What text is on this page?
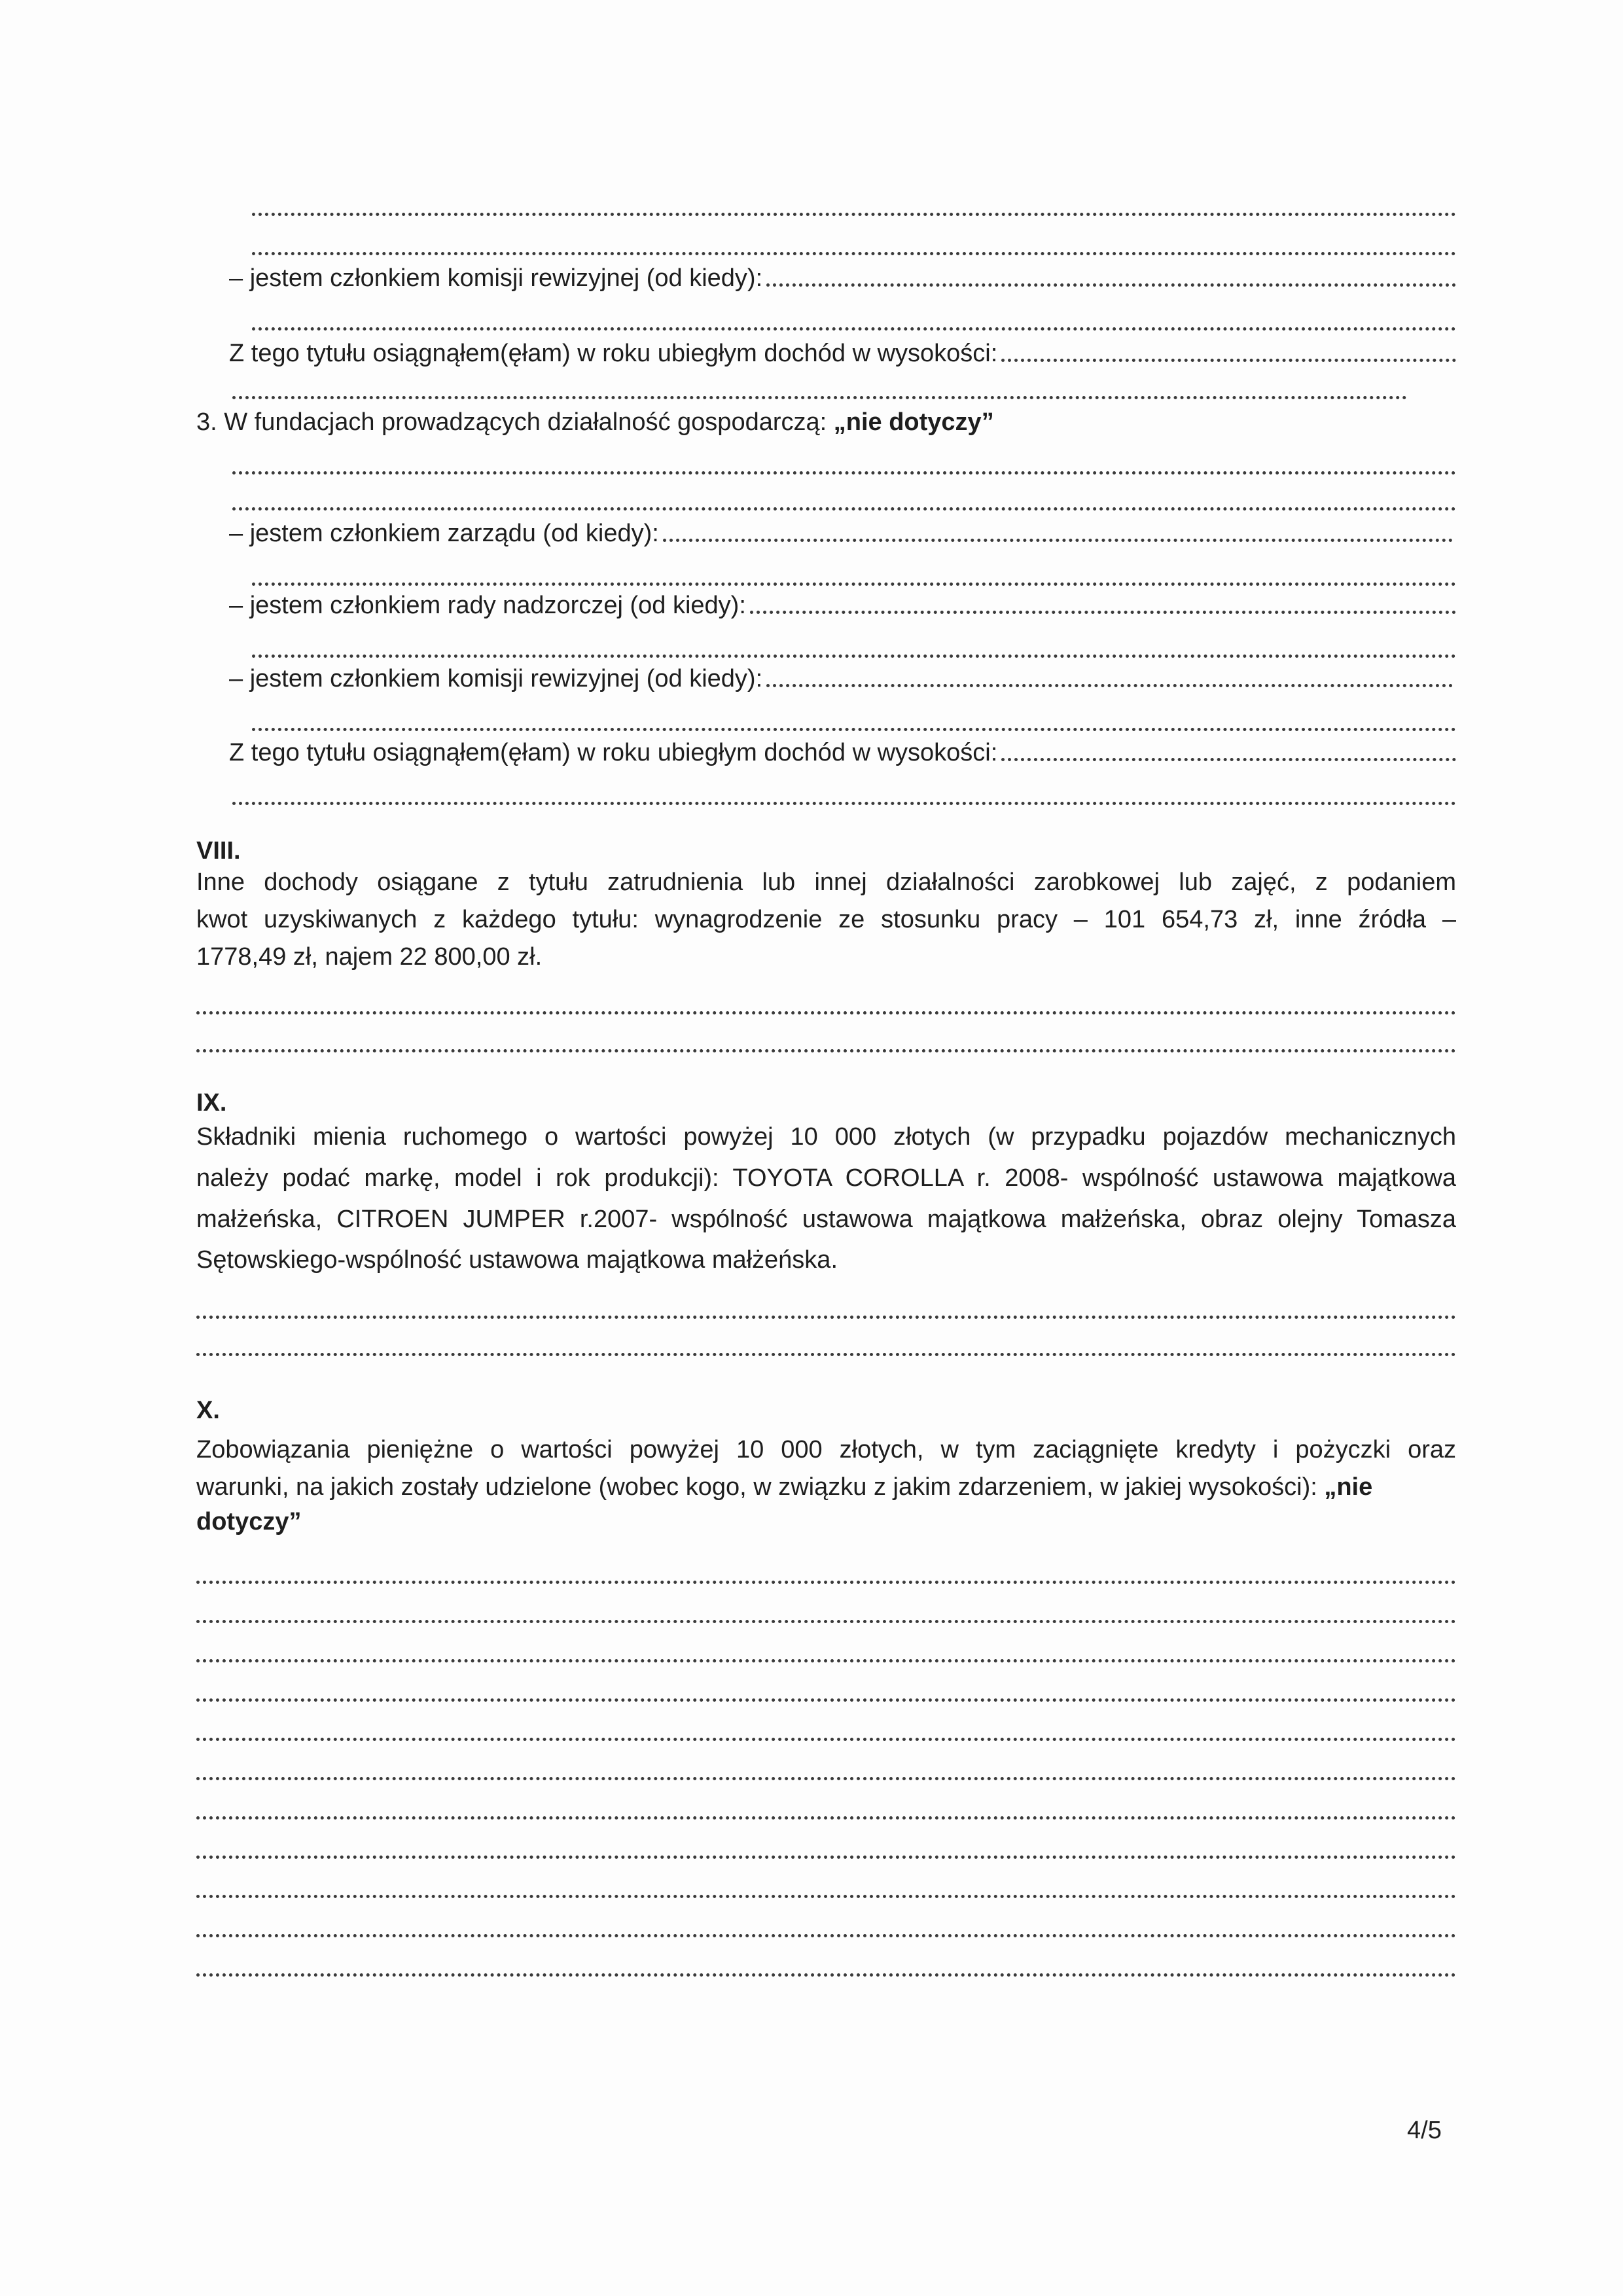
– jestem członkiem komisji rewizyjnej (od kiedy):
Z tego tytułu osiągnąłem(ęłam) w roku ubiegłym dochód w wysokości:
3. W fundacjach prowadzących działalność gospodarczą: „nie dotyczy”
– jestem członkiem zarządu (od kiedy):
– jestem członkiem rady nadzorczej (od kiedy):
– jestem członkiem komisji rewizyjnej (od kiedy):
Z tego tytułu osiągnąłem(ęłam) w roku ubiegłym dochód w wysokości:
VIII.
Inne dochody osiągane z tytułu zatrudnienia lub innej działalności zarobkowej lub zajęć, z podaniem
kwot uzyskiwanych z każdego tytułu: wynagrodzenie ze stosunku pracy – 101 654,73 zł, inne źródła –
1778,49 zł, najem 22 800,00 zł.
IX.
Składniki mienia ruchomego o wartości powyżej 10 000 złotych (w przypadku pojazdów mechanicznych
należy podać markę, model i rok produkcji): TOYOTA COROLLA r. 2008- wspólność ustawowa majątkowa
małżeńska, CITROEN JUMPER r.2007- wspólność ustawowa majątkowa małżeńska, obraz olejny Tomasza
Sętowskiego-wspólność ustawowa majątkowa małżeńska.
X.
Zobowiązania pieniężne o wartości powyżej 10 000 złotych, w tym zaciągnięte kredyty i pożyczki oraz
warunki, na jakich zostały udzielone (wobec kogo, w związku z jakim zdarzeniem, w jakiej wysokości): „nie
dotyczy”
4/5
